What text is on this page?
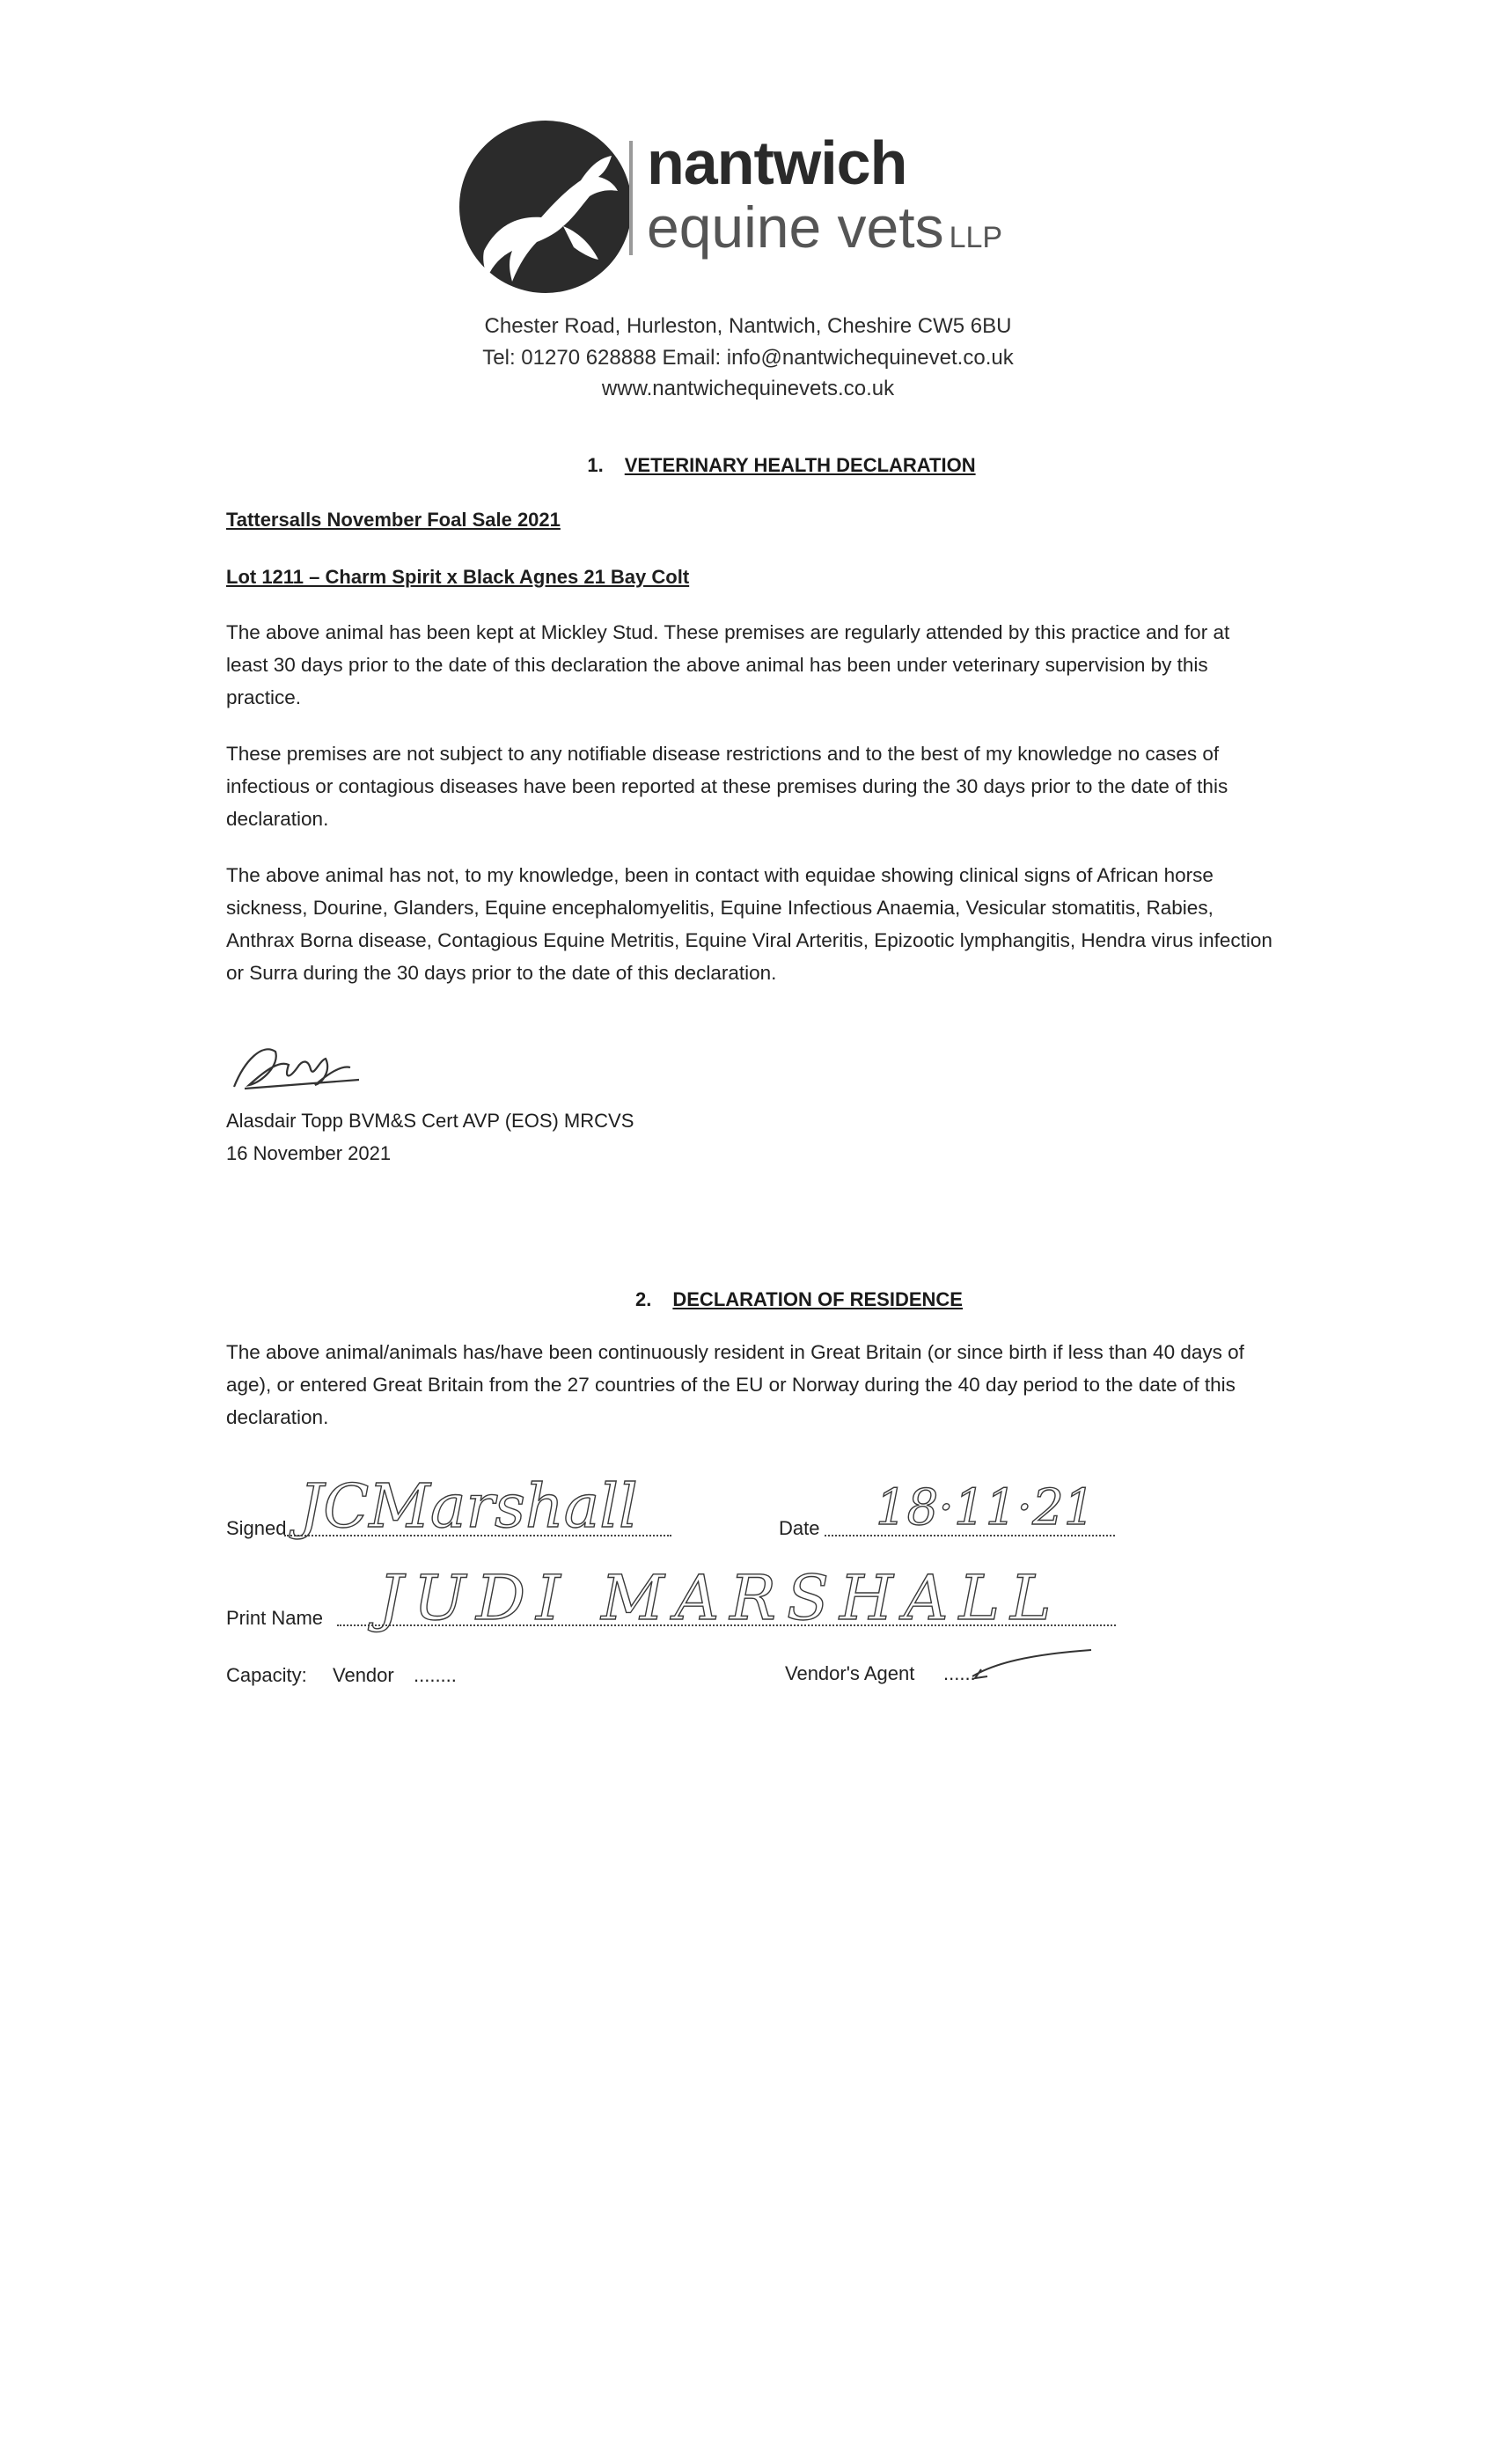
nantwich
equine vets LLP
Chester Road, Hurleston, Nantwich, Cheshire CW5 6BU
Tel: 01270 628888 Email: info@nantwichequinevet.co.uk
www.nantwichequinevets.co.uk
1. VETERINARY HEALTH DECLARATION
Tattersalls November Foal Sale 2021
Lot 1211 – Charm Spirit x Black Agnes 21 Bay Colt
The above animal has been kept at Mickley Stud. These premises are regularly attended by this practice and for at least 30 days prior to the date of this declaration the above animal has been under veterinary supervision by this practice.
These premises are not subject to any notifiable disease restrictions and to the best of my knowledge no cases of infectious or contagious diseases have been reported at these premises during the 30 days prior to the date of this declaration.
The above animal has not, to my knowledge, been in contact with equidae showing clinical signs of African horse sickness, Dourine, Glanders, Equine encephalomyelitis, Equine Infectious Anaemia, Vesicular stomatitis, Rabies, Anthrax Borna disease, Contagious Equine Metritis, Equine Viral Arteritis, Epizootic lymphangitis, Hendra virus infection or Surra during the 30 days prior to the date of this declaration.
Alasdair Topp BVM&S Cert AVP (EOS) MRCVS
16 November 2021
2. DECLARATION OF RESIDENCE
The above animal/animals has/have been continuously resident in Great Britain (or since birth if less than 40 days of age), or entered Great Britain from the 27 countries of the EU or Norway during the 40 day period to the date of this declaration.
Signed JCMarshall	Date 18·11·21
Print Name JUDI MARSHALL
Capacity: Vendor ........	Vendor's Agent ......
